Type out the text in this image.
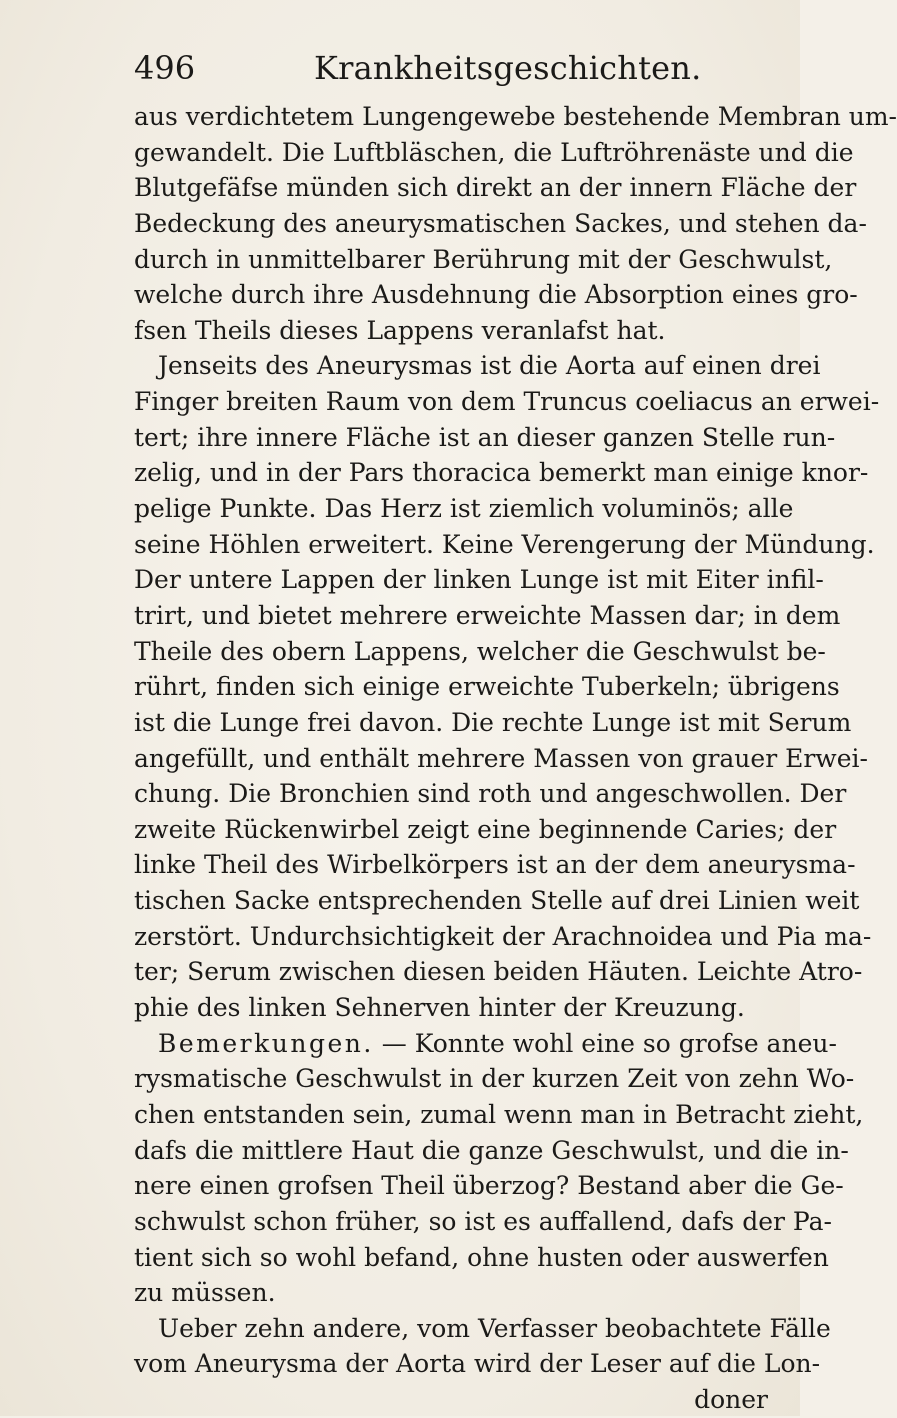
496	Krankheitsgeschichten.
aus verdichtetem Lungengewebe bestehende Membran um-
gewandelt. Die Luftbläschen, die Luftröhrenäste und die
Blutgefäfse münden sich direkt an der innern Fläche der
Bedeckung des aneurysmatischen Sackes, und stehen da-
durch in unmittelbarer Berührung mit der Geschwulst,
welche durch ihre Ausdehnung die Absorption eines gro-
fsen Theils dieses Lappens veranlafst hat.
Jenseits des Aneurysmas ist die Aorta auf einen drei
Finger breiten Raum von dem Truncus coeliacus an erwei-
tert; ihre innere Fläche ist an dieser ganzen Stelle run-
zelig, und in der Pars thoracica bemerkt man einige knor-
pelige Punkte. Das Herz ist ziemlich voluminös; alle
seine Höhlen erweitert. Keine Verengerung der Mündung.
Der untere Lappen der linken Lunge ist mit Eiter infil-
trirt, und bietet mehrere erweichte Massen dar; in dem
Theile des obern Lappens, welcher die Geschwulst be-
rührt, finden sich einige erweichte Tuberkeln; übrigens
ist die Lunge frei davon. Die rechte Lunge ist mit Serum
angefüllt, und enthält mehrere Massen von grauer Erwei-
chung. Die Bronchien sind roth und angeschwollen. Der
zweite Rückenwirbel zeigt eine beginnende Caries; der
linke Theil des Wirbelkörpers ist an der dem aneurysma-
tischen Sacke entsprechenden Stelle auf drei Linien weit
zerstört. Undurchsichtigkeit der Arachnoidea und Pia ma-
ter; Serum zwischen diesen beiden Häuten. Leichte Atro-
phie des linken Sehnerven hinter der Kreuzung.
Bemerkungen. — Konnte wohl eine so grofse aneu-
rysmatische Geschwulst in der kurzen Zeit von zehn Wo-
chen entstanden sein, zumal wenn man in Betracht zieht,
dafs die mittlere Haut die ganze Geschwulst, und die in-
nere einen grofsen Theil überzog? Bestand aber die Ge-
schwulst schon früher, so ist es auffallend, dafs der Pa-
tient sich so wohl befand, ohne husten oder auswerfen
zu müssen.
Ueber zehn andere, vom Verfasser beobachtete Fälle
vom Aneurysma der Aorta wird der Leser auf die Lon-
doner
